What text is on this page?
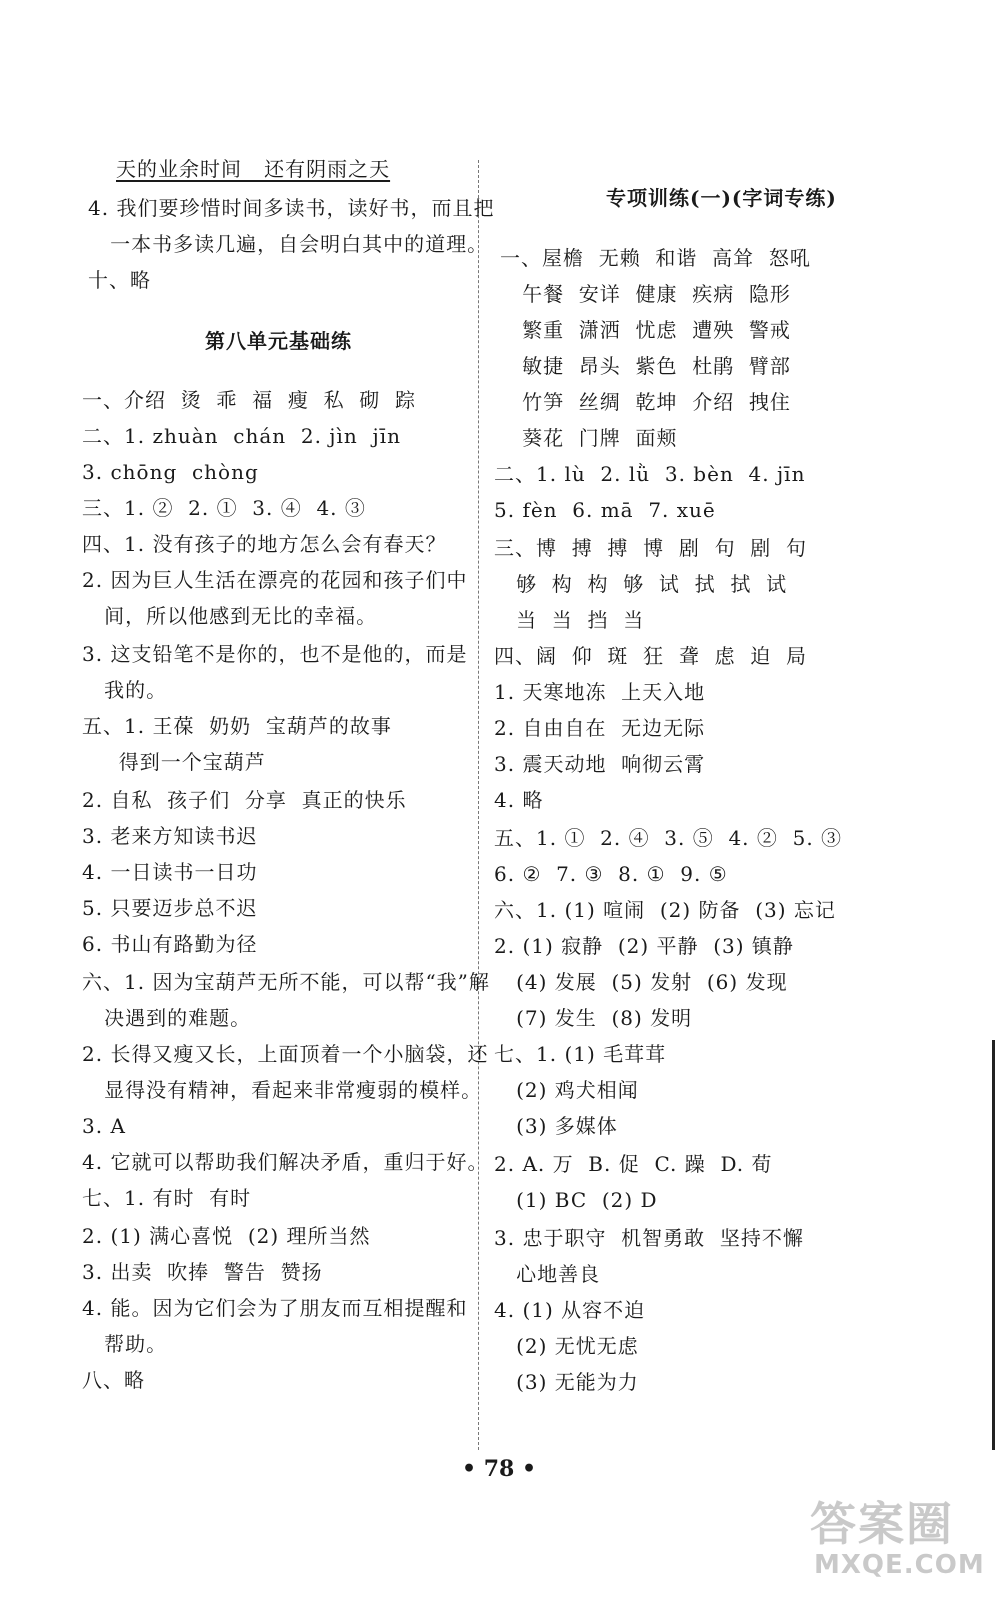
天的业余时间   还有阴雨之天
4. 我们要珍惜时间多读书，读好书，而且把
一本书多读几遍，自会明白其中的道理。
十、略
第八单元基础练
一、介绍  烫  乖  福  瘦  私  砌  踪
二、1. zhuàn  chán  2. jìn  jīn
3. chōng  chòng
三、1. ②  2. ①  3. ④  4. ③
四、1. 没有孩子的地方怎么会有春天？
2. 因为巨人生活在漂亮的花园和孩子们中
间，所以他感到无比的幸福。
3. 这支铅笔不是你的，也不是他的，而是
我的。
五、1. 王葆  奶奶  宝葫芦的故事
得到一个宝葫芦
2. 自私  孩子们  分享  真正的快乐
3. 老来方知读书迟
4. 一日读书一日功
5. 只要迈步总不迟
6. 书山有路勤为径
六、1. 因为宝葫芦无所不能，可以帮“我”解
决遇到的难题。
2. 长得又瘦又长，上面顶着一个小脑袋，还
显得没有精神，看起来非常瘦弱的模样。
3. A
4. 它就可以帮助我们解决矛盾，重归于好。
七、1. 有时  有时
2. (1) 满心喜悦  (2) 理所当然
3. 出卖  吹捧  警告  赞扬
4. 能。因为它们会为了朋友而互相提醒和
帮助。
八、略
专项训练(一)(字词专练)
一、屋檐  无赖  和谐  高耸  怒吼
午餐  安详  健康  疾病  隐形
繁重  潇洒  忧虑  遭殃  警戒
敏捷  昂头  紫色  杜鹃  臂部
竹笋  丝绸  乾坤  介绍  拽住
葵花  门牌  面颊
二、1. lù  2. lǜ  3. bèn  4. jīn
5. fèn  6. mā  7. xuē
三、博  搏  搏  博  剧  句  剧  句
够  构  构  够  试  拭  拭  试
当  当  挡  当
四、阔  仰  斑  狂  聋  虑  迫  局
1. 天寒地冻  上天入地
2. 自由自在  无边无际
3. 震天动地  响彻云霄
4. 略
五、1. ①  2. ④  3. ⑤  4. ②  5. ③
6. ②  7. ③  8. ①  9. ⑤
六、1. (1) 喧闹  (2) 防备  (3) 忘记
2. (1) 寂静  (2) 平静  (3) 镇静
(4) 发展  (5) 发射  (6) 发现
(7) 发生  (8) 发明
七、1. (1) 毛茸茸
(2) 鸡犬相闻
(3) 多媒体
2. A. 万  B. 促  C. 躁  D. 荀
(1) BC  (2) D
3. 忠于职守  机智勇敢  坚持不懈
心地善良
4. (1) 从容不迫
(2) 无忧无虑
(3) 无能为力
• 78 •
答案圈
MXQE.COM
